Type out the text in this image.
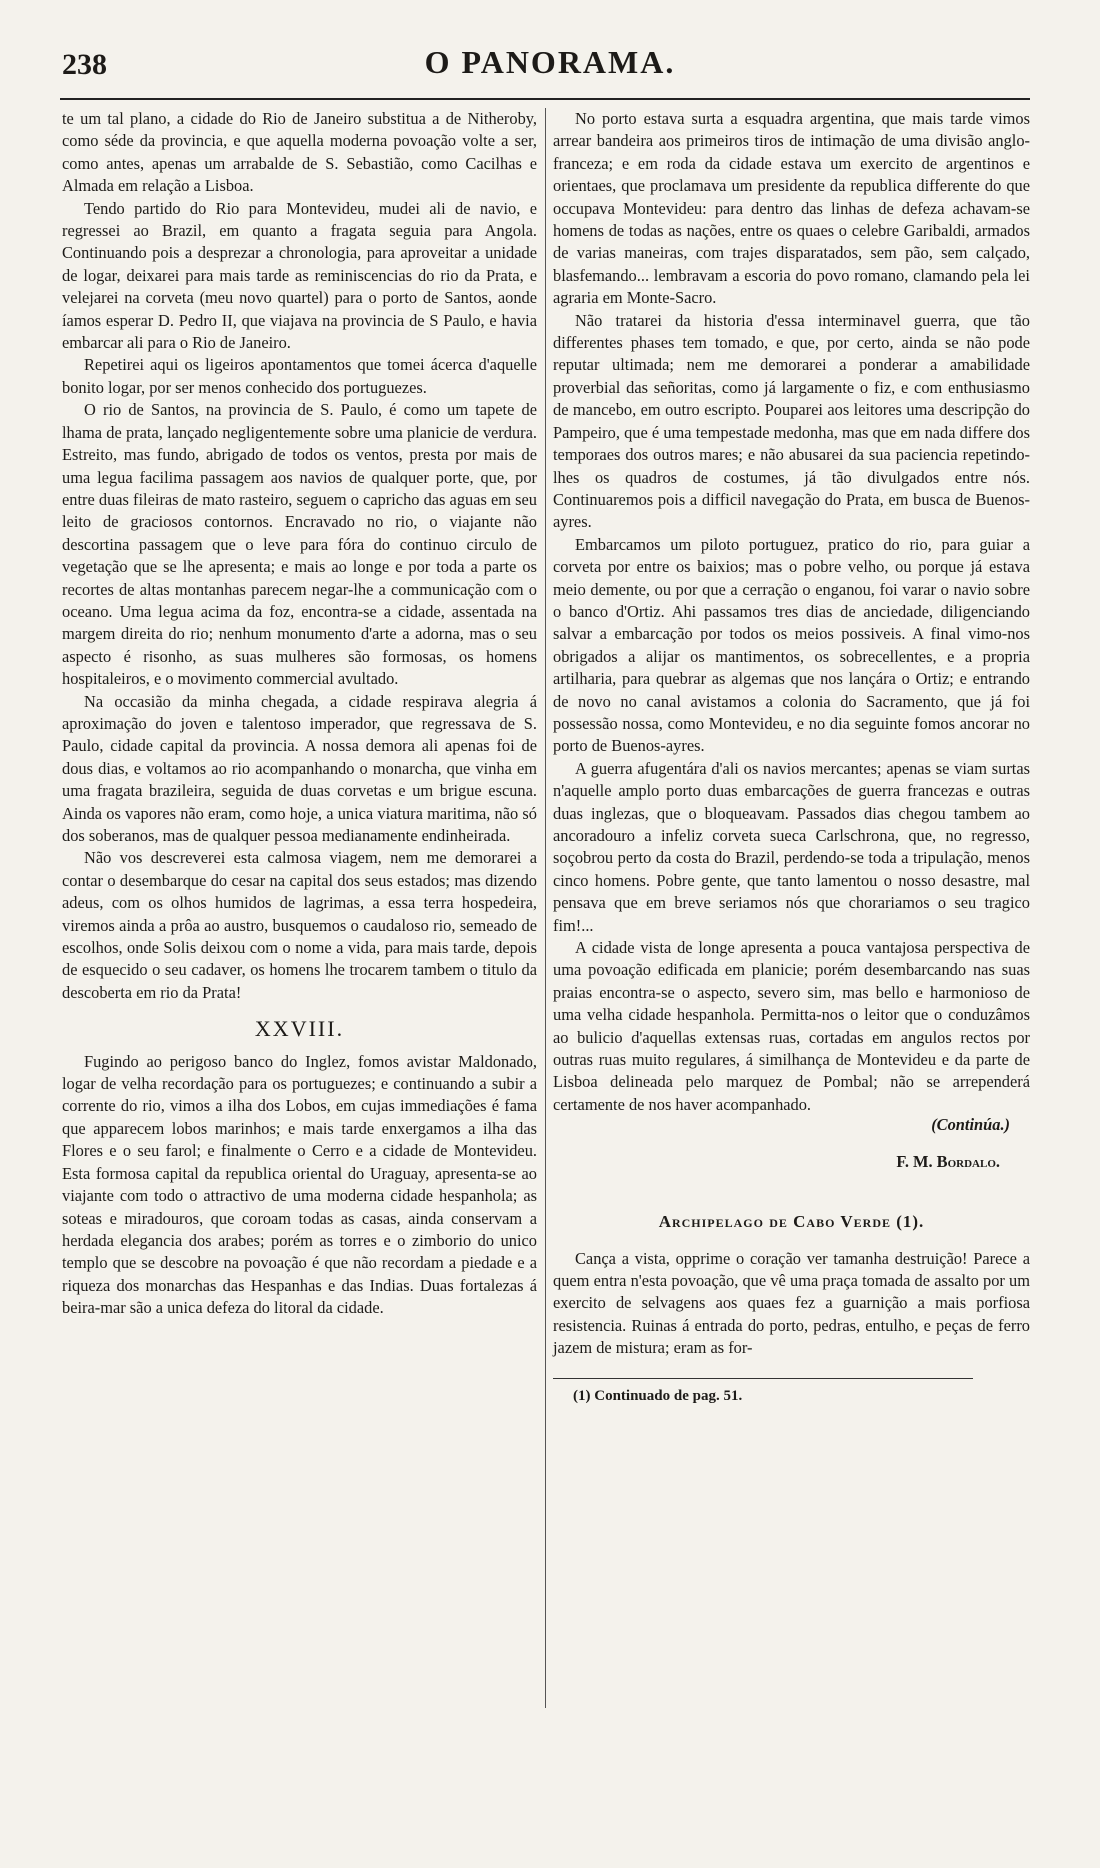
238	O PANORAMA.

te um tal plano, a cidade do Rio de Janeiro substitua a de Nitheroby, como séde da provincia, e que aquella moderna povoação volte a ser, como antes, apenas um arrabalde de S. Sebastião, como Cacilhas e Almada em relação a Lisboa.

Tendo partido do Rio para Montevideu, mudei ali de navio, e regressei ao Brazil, em quanto a fragata seguia para Angola. Continuando pois a desprezar a chronologia, para aproveitar a unidade de logar, deixarei para mais tarde as reminiscencias do rio da Prata, e velejarei na corveta (meu novo quartel) para o porto de Santos, aonde íamos esperar D. Pedro II, que viajava na provincia de S Paulo, e havia embarcar ali para o Rio de Janeiro.

Repetirei aqui os ligeiros apontamentos que tomei ácerca d'aquelle bonito logar, por ser menos conhecido dos portuguezes.

O rio de Santos, na provincia de S. Paulo, é como um tapete de lhama de prata, lançado negligentemente sobre uma planicie de verdura. Estreito, mas fundo, abrigado de todos os ventos, presta por mais de uma legua facilima passagem aos navios de qualquer porte, que, por entre duas fileiras de mato rasteiro, seguem o capricho das aguas em seu leito de graciosos contornos. Encravado no rio, o viajante não descortina passagem que o leve para fóra do continuo circulo de vegetação que se lhe apresenta; e mais ao longe e por toda a parte os recortes de altas montanhas parecem negar-lhe a communicação com o oceano. Uma legua acima da foz, encontra-se a cidade, assentada na margem direita do rio; nenhum monumento d'arte a adorna, mas o seu aspecto é risonho, as suas mulheres são formosas, os homens hospitaleiros, e o movimento commercial avultado.

Na occasião da minha chegada, a cidade respirava alegria á aproximação do joven e talentoso imperador, que regressava de S. Paulo, cidade capital da provincia. A nossa demora ali apenas foi de dous dias, e voltamos ao rio acompanhando o monarcha, que vinha em uma fragata brazileira, seguida de duas corvetas e um brigue escuna. Ainda os vapores não eram, como hoje, a unica viatura maritima, não só dos soberanos, mas de qualquer pessoa medianamente endinheirada.

Não vos descreverei esta calmosa viagem, nem me demorarei a contar o desembarque do cesar na capital dos seus estados; mas dizendo adeus, com os olhos humidos de lagrimas, a essa terra hospedeira, viremos ainda a prôa ao austro, busquemos o caudaloso rio, semeado de escolhos, onde Solis deixou com o nome a vida, para mais tarde, depois de esquecido o seu cadaver, os homens lhe trocarem tambem o titulo da descoberta em rio da Prata!

XXVIII.

Fugindo ao perigoso banco do Inglez, fomos avistar Maldonado, logar de velha recordação para os portuguezes; e continuando a subir a corrente do rio, vimos a ilha dos Lobos, em cujas immediações é fama que apparecem lobos marinhos; e mais tarde enxergamos a ilha das Flores e o seu farol; e finalmente o Cerro e a cidade de Montevideu. Esta formosa capital da republica oriental do Uraguay, apresenta-se ao viajante com todo o attractivo de uma moderna cidade hespanhola; as soteas e miradouros, que coroam todas as casas, ainda conservam a herdada elegancia dos arabes; porém as torres e o zimborio do unico templo que se descobre na povoação é que não recordam a piedade e a riqueza dos monarchas das Hespanhas e das Indias. Duas fortalezas á beira-mar são a unica defeza do litoral da cidade.

No porto estava surta a esquadra argentina, que mais tarde vimos arrear bandeira aos primeiros tiros de intimação de uma divisão anglo-franceza; e em roda da cidade estava um exercito de argentinos e orientaes, que proclamava um presidente da republica differente do que occupava Montevideu: para dentro das linhas de defeza achavam-se homens de todas as nações, entre os quaes o celebre Garibaldi, armados de varias maneiras, com trajes disparatados, sem pão, sem calçado, blasfemando... lembravam a escoria do povo romano, clamando pela lei agraria em Monte-Sacro.

Não tratarei da historia d'essa interminavel guerra, que tão differentes phases tem tomado, e que, por certo, ainda se não pode reputar ultimada; nem me demorarei a ponderar a amabilidade proverbial das señoritas, como já largamente o fiz, e com enthusiasmo de mancebo, em outro escripto. Pouparei aos leitores uma descripção do Pampeiro, que é uma tempestade medonha, mas que em nada differe dos temporaes dos outros mares; e não abusarei da sua paciencia repetindo-lhes os quadros de costumes, já tão divulgados entre nós. Continuaremos pois a difficil navegação do Prata, em busca de Buenos-ayres.

Embarcamos um piloto portuguez, pratico do rio, para guiar a corveta por entre os baixios; mas o pobre velho, ou porque já estava meio demente, ou por que a cerração o enganou, foi varar o navio sobre o banco d'Ortiz. Ahi passamos tres dias de anciedade, diligenciando salvar a embarcação por todos os meios possiveis. A final vimo-nos obrigados a alijar os mantimentos, os sobrecellentes, e a propria artilharia, para quebrar as algemas que nos lançára o Ortiz; e entrando de novo no canal avistamos a colonia do Sacramento, que já foi possessão nossa, como Montevideu, e no dia seguinte fomos ancorar no porto de Buenos-ayres.

A guerra afugentára d'ali os navios mercantes; apenas se viam surtas n'aquelle amplo porto duas embarcações de guerra francezas e outras duas inglezas, que o bloqueavam. Passados dias chegou tambem ao ancoradouro a infeliz corveta sueca Carlschrona, que, no regresso, soçobrou perto da costa do Brazil, perdendo-se toda a tripulação, menos cinco homens. Pobre gente, que tanto lamentou o nosso desastre, mal pensava que em breve seriamos nós que chorariamos o seu tragico fim!...

A cidade vista de longe apresenta a pouca vantajosa perspectiva de uma povoação edificada em planicie; porém desembarcando nas suas praias encontra-se o aspecto, severo sim, mas bello e harmonioso de uma velha cidade hespanhola. Permitta-nos o leitor que o conduzâmos ao bulicio d'aquellas extensas ruas, cortadas em angulos rectos por outras ruas muito regulares, á similhança de Montevideu e da parte de Lisboa delineada pelo marquez de Pombal; não se arrependerá certamente de nos haver acompanhado.

(Continúa.)
F. M. Bordalo.
Archipelago de Cabo Verde (1).

Cança a vista, opprime o coração ver tamanha destruição! Parece a quem entra n'esta povoação, que vê uma praça tomada de assalto por um exercito de selvagens aos quaes fez a guarnição a mais porfiosa resistencia. Ruinas á entrada do porto, pedras, entulho, e peças de ferro jazem de mistura; eram as for-

(1) Continuado de pag. 51.
